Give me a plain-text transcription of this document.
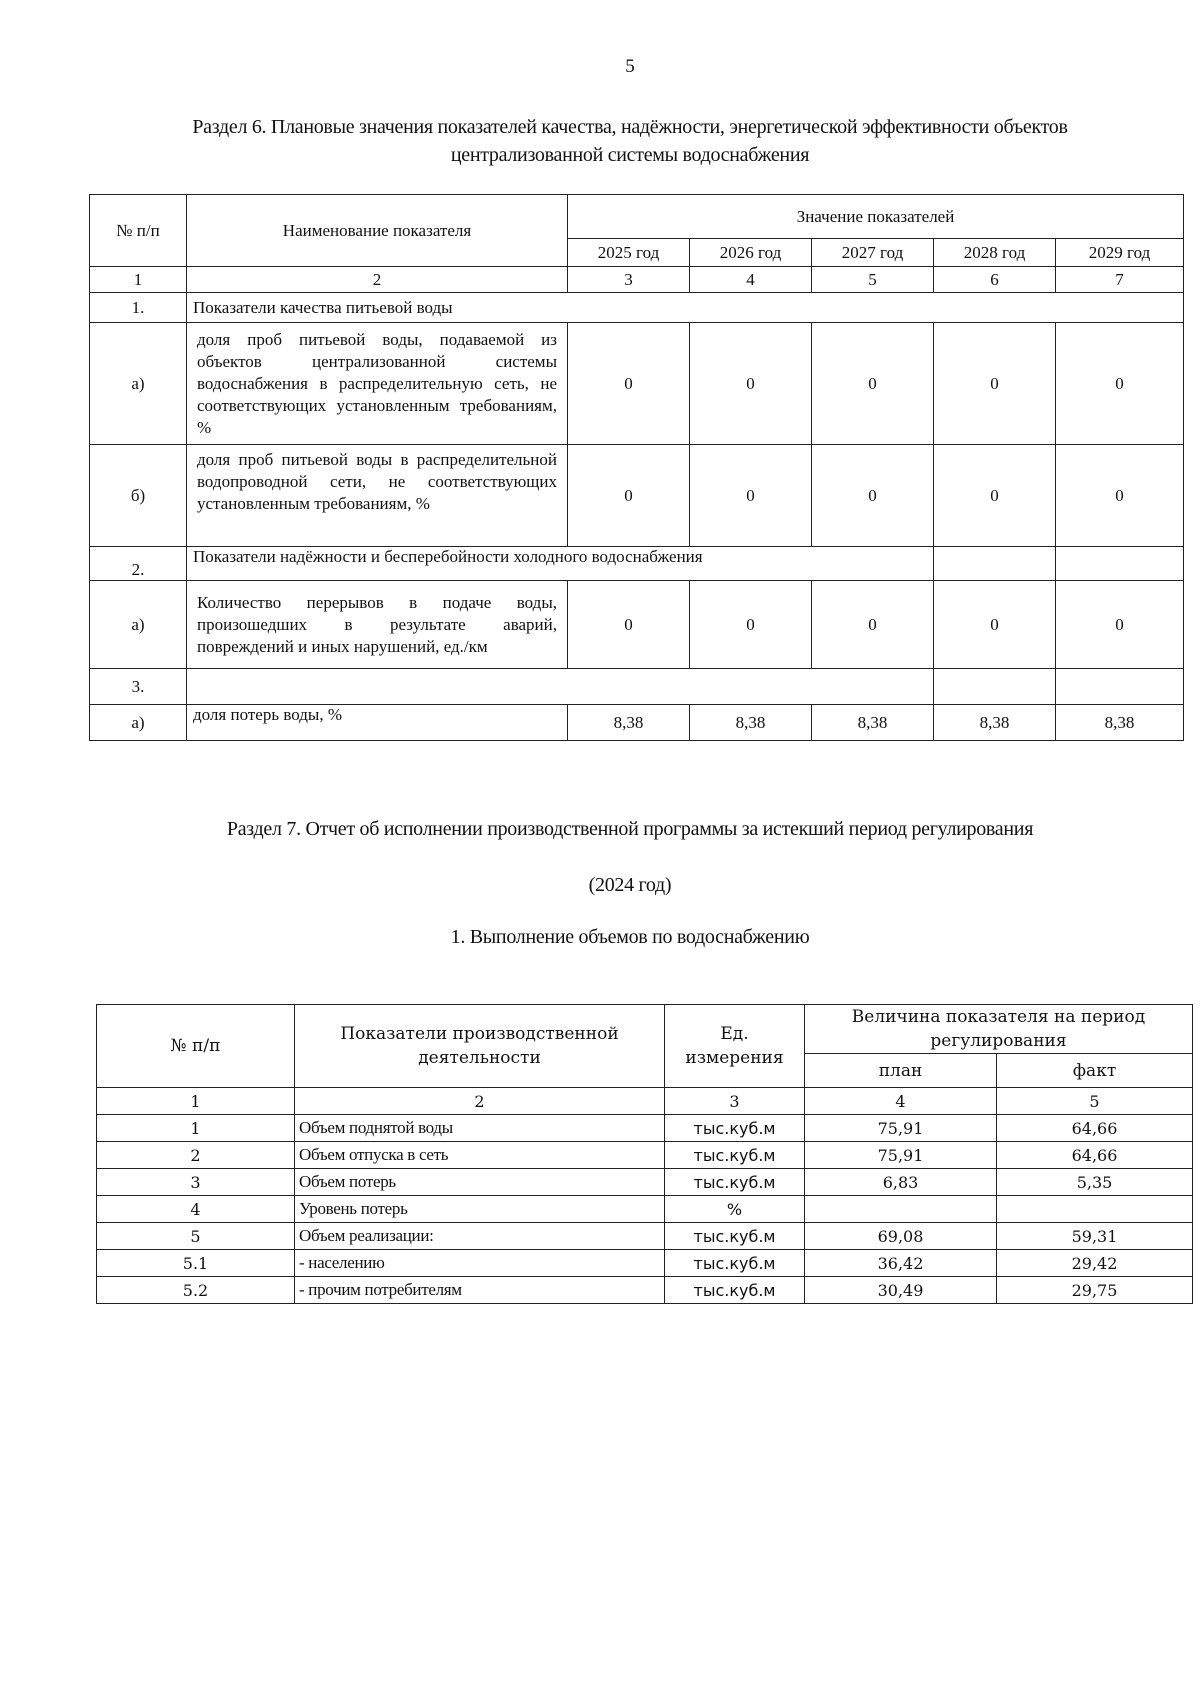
5
Раздел 6. Плановые значения показателей качества, надёжности, энергетической эффективности объектов
централизованной системы водоснабжения
№ п/п	Наименование показателя	Значение показателей				
		2025 год	2026 год	2027 год	2028 год	2029 год
1	2	3	4	5	6	7
1.	Показатели качества питьевой воды					
а)	доля проб питьевой воды, подаваемой из объектов централизованной системы водоснабжения в распределительную сеть, не соответствующих установленным требованиям, %	0	0	0	0	0
б)	доля проб питьевой воды в распределительной водопроводной сети, не соответствующих установленным требованиям, %	0	0	0	0	0
2.	Показатели надёжности и бесперебойности холодного водоснабжения					
а)	Количество перерывов в подаче воды, произошедших в результате аварий, повреждений и иных нарушений, ед./км	0	0	0	0	0
3.						
а)	доля потерь воды, %	8,38	8,38	8,38	8,38	8,38
Раздел 7. Отчет об исполнении производственной программы за истекший период регулирования
(2024 год)
1. Выполнение объемов по водоснабжению
№ п/п	Показатели производственной деятельности	Ед. измерения	Величина показателя на период регулирования	
			план	факт
1	2	3	4	5
1	Объем поднятой воды	тыс.куб.м	75,91	64,66
2	Объем отпуска в сеть	тыс.куб.м	75,91	64,66
3	Объем потерь	тыс.куб.м	6,83	5,35
4	Уровень потерь	%		
5	Объем реализации:	тыс.куб.м	69,08	59,31
5.1	- населению	тыс.куб.м	36,42	29,42
5.2	- прочим потребителям	тыс.куб.м	30,49	29,75
